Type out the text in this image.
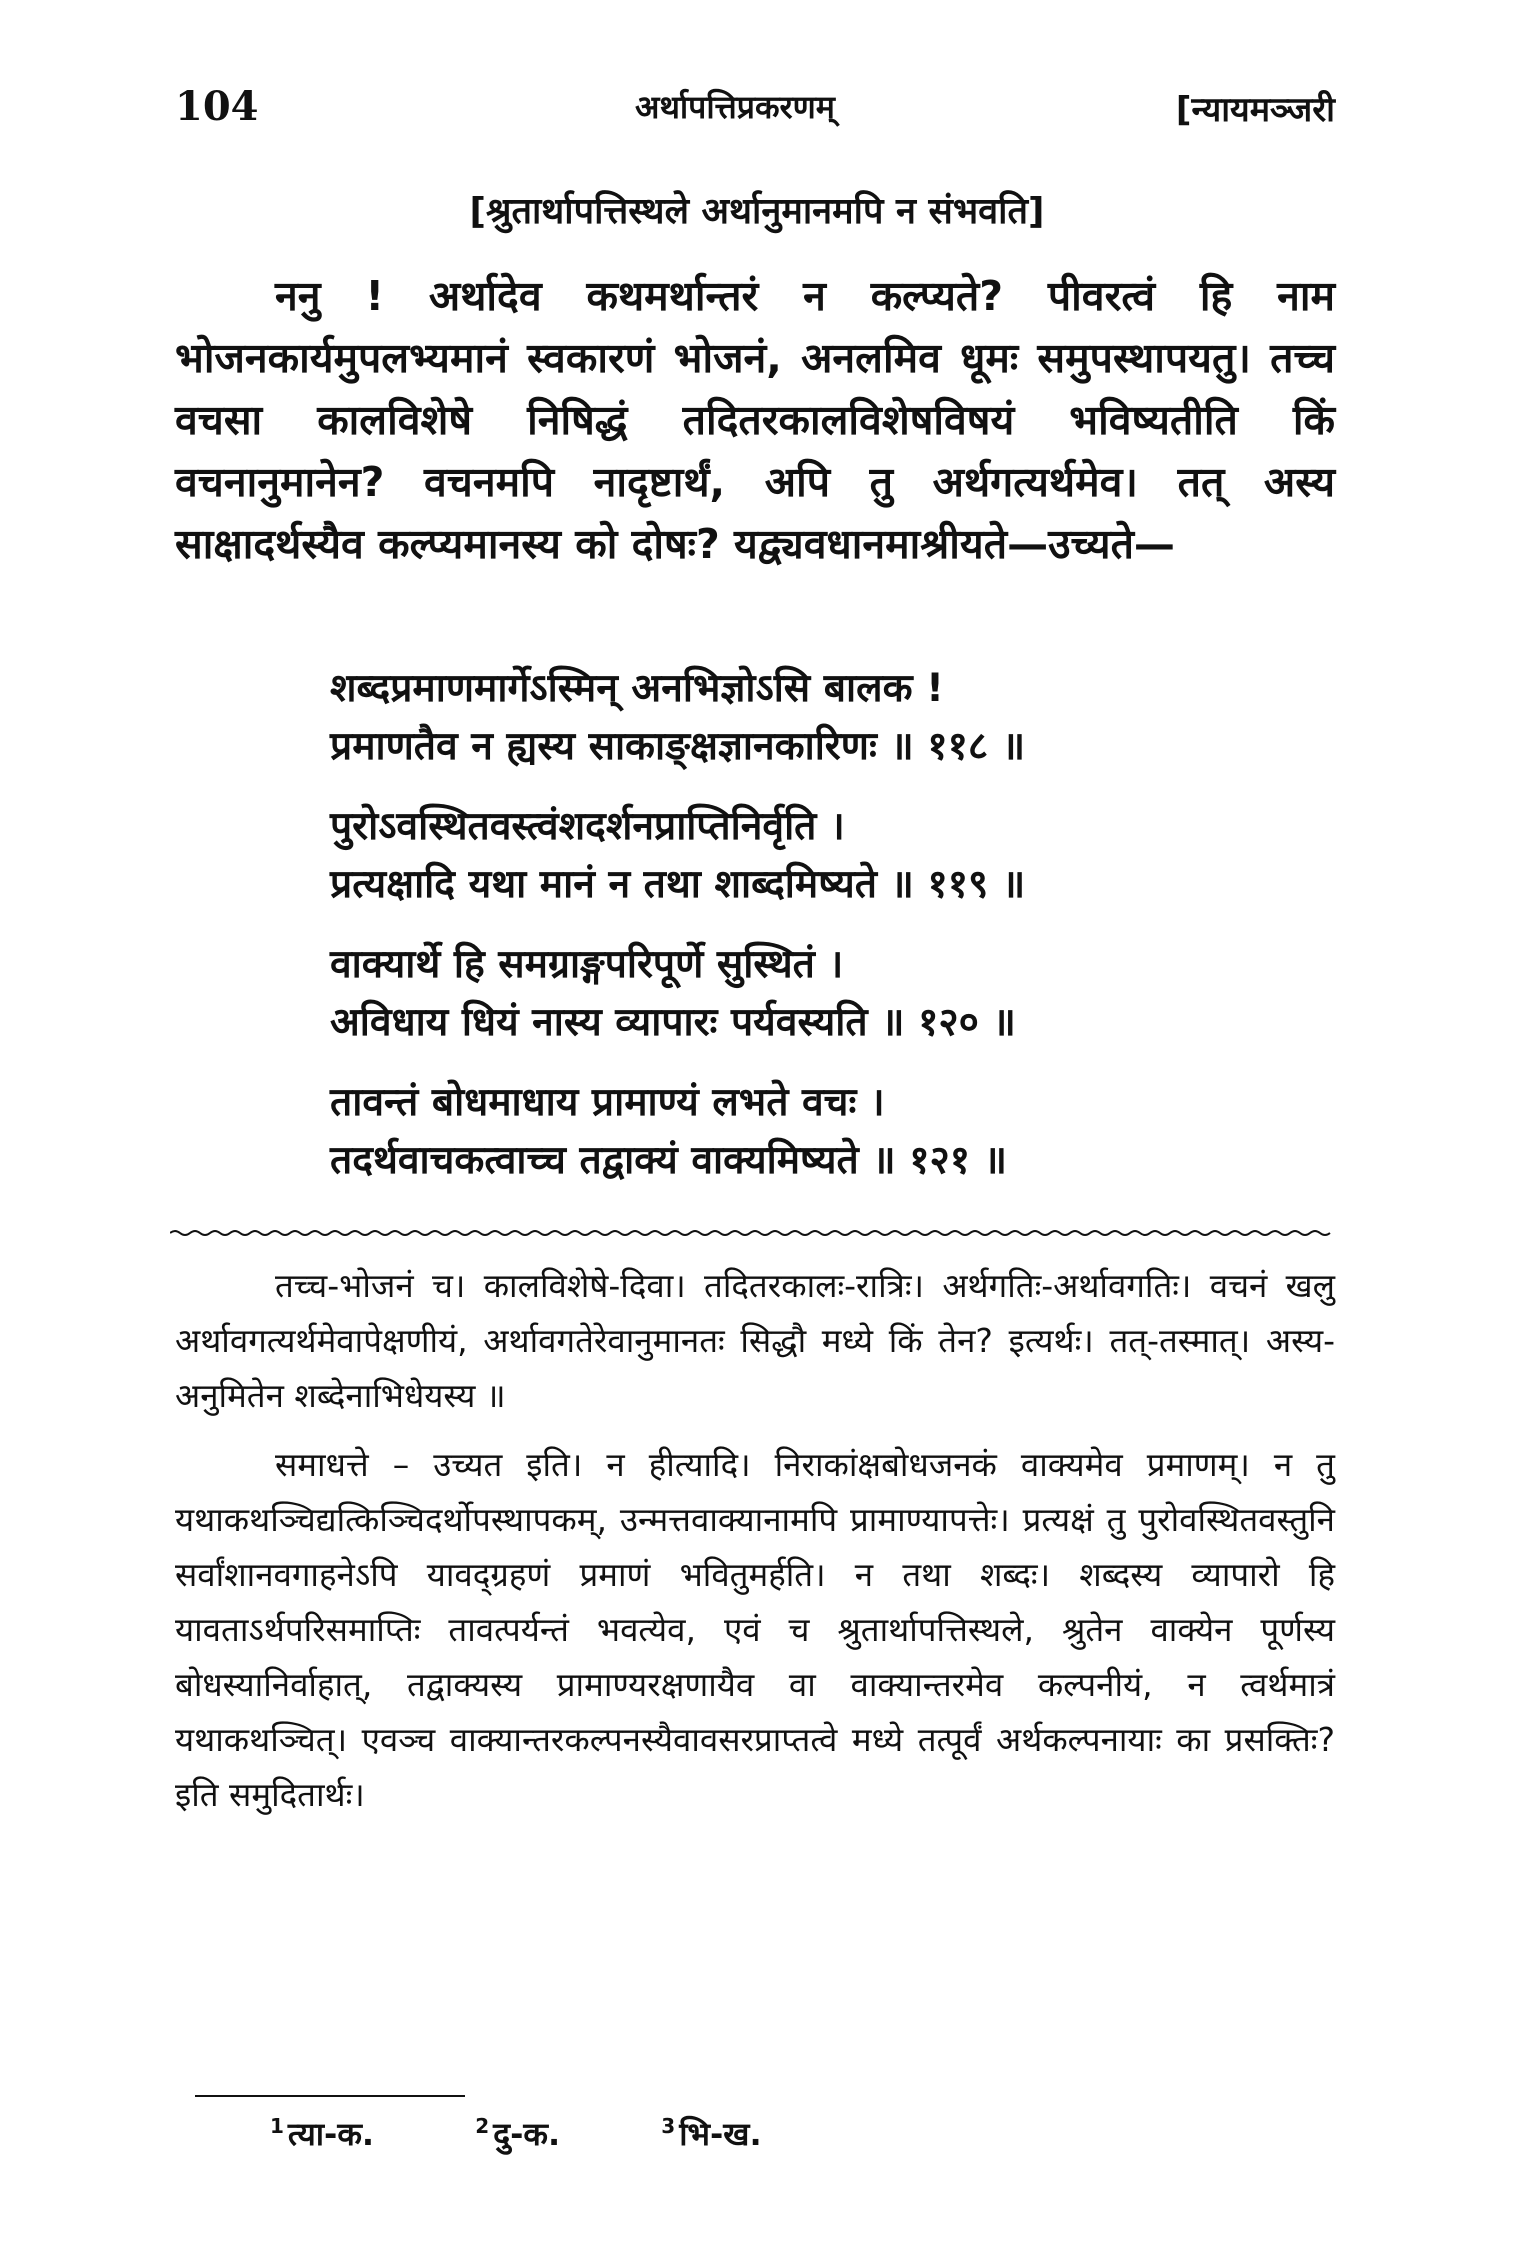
104	अर्थापत्तिप्रकरणम्	[न्यायमञ्जरी
[श्रुतार्थापत्तिस्थले अर्थानुमानमपि न संभवति]

ननु ! अर्थादेव कथमर्थान्तरं न कल्प्यते? पीवरत्वं हि नाम भोजनकार्यमुपलभ्यमानं स्वकारणं भोजनं, अनलमिव धूमः समुपस्थापयतु। तच्च वचसा कालविशेषे निषिद्धं तदितरकालविशेषविषयं भविष्यतीति किं वचनानुमानेन? वचनमपि नादृष्टार्थं, अपि तु अर्थगत्यर्थमेव। तत् अस्य साक्षादर्थस्यैव कल्प्यमानस्य को दोषः? यद्व्यवधानमाश्रीयते—उच्यते—

शब्दप्रमाणमार्गेऽस्मिन् अनभिज्ञोऽसि बालक !
प्रमाणतैव न ह्यस्य साकाङ्क्षज्ञानकारिणः ॥ ११८ ॥
पुरोऽवस्थितवस्त्वंशदर्शनप्राप्तिनिर्वृति ।
प्रत्यक्षादि यथा मानं न तथा शाब्दमिष्यते ॥ ११९ ॥
वाक्यार्थे हि समग्राङ्गपरिपूर्णे सुस्थितं ।
अविधाय धियं नास्य व्यापारः पर्यवस्यति ॥ १२० ॥
तावन्तं बोधमाधाय प्रामाण्यं लभते वचः ।
तदर्थवाचकत्वाच्च तद्वाक्यं वाक्यमिष्यते ॥ १२१ ॥

तच्च-भोजनं च। कालविशेषे-दिवा। तदितरकालः-रात्रिः। अर्थगतिः-अर्थावगतिः। वचनं खलु अर्थावगत्यर्थमेवापेक्षणीयं, अर्थावगतेरेवानुमानतः सिद्धौ मध्ये किं तेन? इत्यर्थः। तत्-तस्मात्। अस्य-अनुमितेन शब्देनाभिधेयस्य ॥

समाधत्ते – उच्यत इति। न हीत्यादि। निराकांक्षबोधजनकं वाक्यमेव प्रमाणम्। न तु यथाकथञ्चिद्यत्किञ्चिदर्थोपस्थापकम्, उन्मत्तवाक्यानामपि प्रामाण्यापत्तेः। प्रत्यक्षं तु पुरोवस्थितवस्तुनि सर्वांशानवगाहनेऽपि यावद्ग्रहणं प्रमाणं भवितुमर्हति। न तथा शब्दः। शब्दस्य व्यापारो हि यावताऽर्थपरिसमाप्तिः तावत्पर्यन्तं भवत्येव, एवं च श्रुतार्थापत्तिस्थले, श्रुतेन वाक्येन पूर्णस्य बोधस्यानिर्वाहात्, तद्वाक्यस्य प्रामाण्यरक्षणायैव वा वाक्यान्तरमेव कल्पनीयं, न त्वर्थमात्रं यथाकथञ्चित्। एवञ्च वाक्यान्तरकल्पनस्यैवावसरप्राप्तत्वे मध्ये तत्पूर्वं अर्थकल्पनायाः का प्रसक्तिः? इति समुदितार्थः।

$^1$ त्या-क.	$^2$ दु-क.	$^3$ भि-ख.
